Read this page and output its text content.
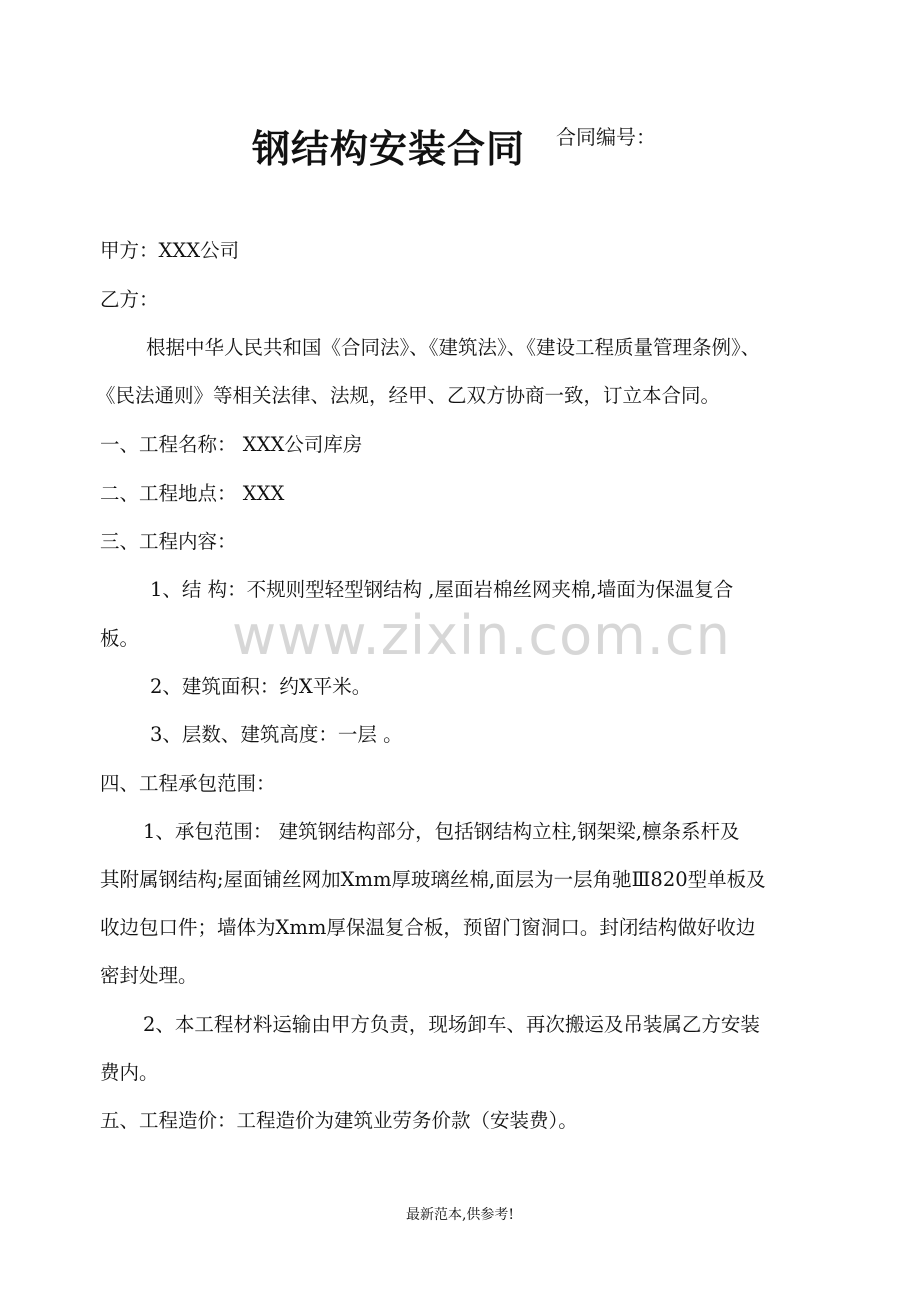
钢结构安装合同 合同编号：
甲方：XXX公司
乙方：
根据中华人民共和国《合同法》、《建筑法》、《建设工程质量管理条例》、
《民法通则》等相关法律、法规，经甲、乙双方协商一致，订立本合同。
一、工程名称： XXX公司库房
二、工程地点： XXX
三、工程内容：
1、结 构：不规则型轻型钢结构 ,屋面岩棉丝网夹棉,墙面为保温复合
板。
2、建筑面积：约X平米。
3、层数、建筑高度：一层 。
四、工程承包范围：
1、承包范围： 建筑钢结构部分，包括钢结构立柱,钢架梁,檩条系杆及
其附属钢结构;屋面铺丝网加Xmm厚玻璃丝棉,面层为一层角驰Ⅲ820型单板及
收边包口件；墙体为Xmm厚保温复合板，预留门窗洞口。封闭结构做好收边
密封处理。
2、本工程材料运输由甲方负责，现场卸车、再次搬运及吊装属乙方安装
费内。
五、工程造价：工程造价为建筑业劳务价款（安装费）。
www.zixin.com.cn
最新范本,供参考!
